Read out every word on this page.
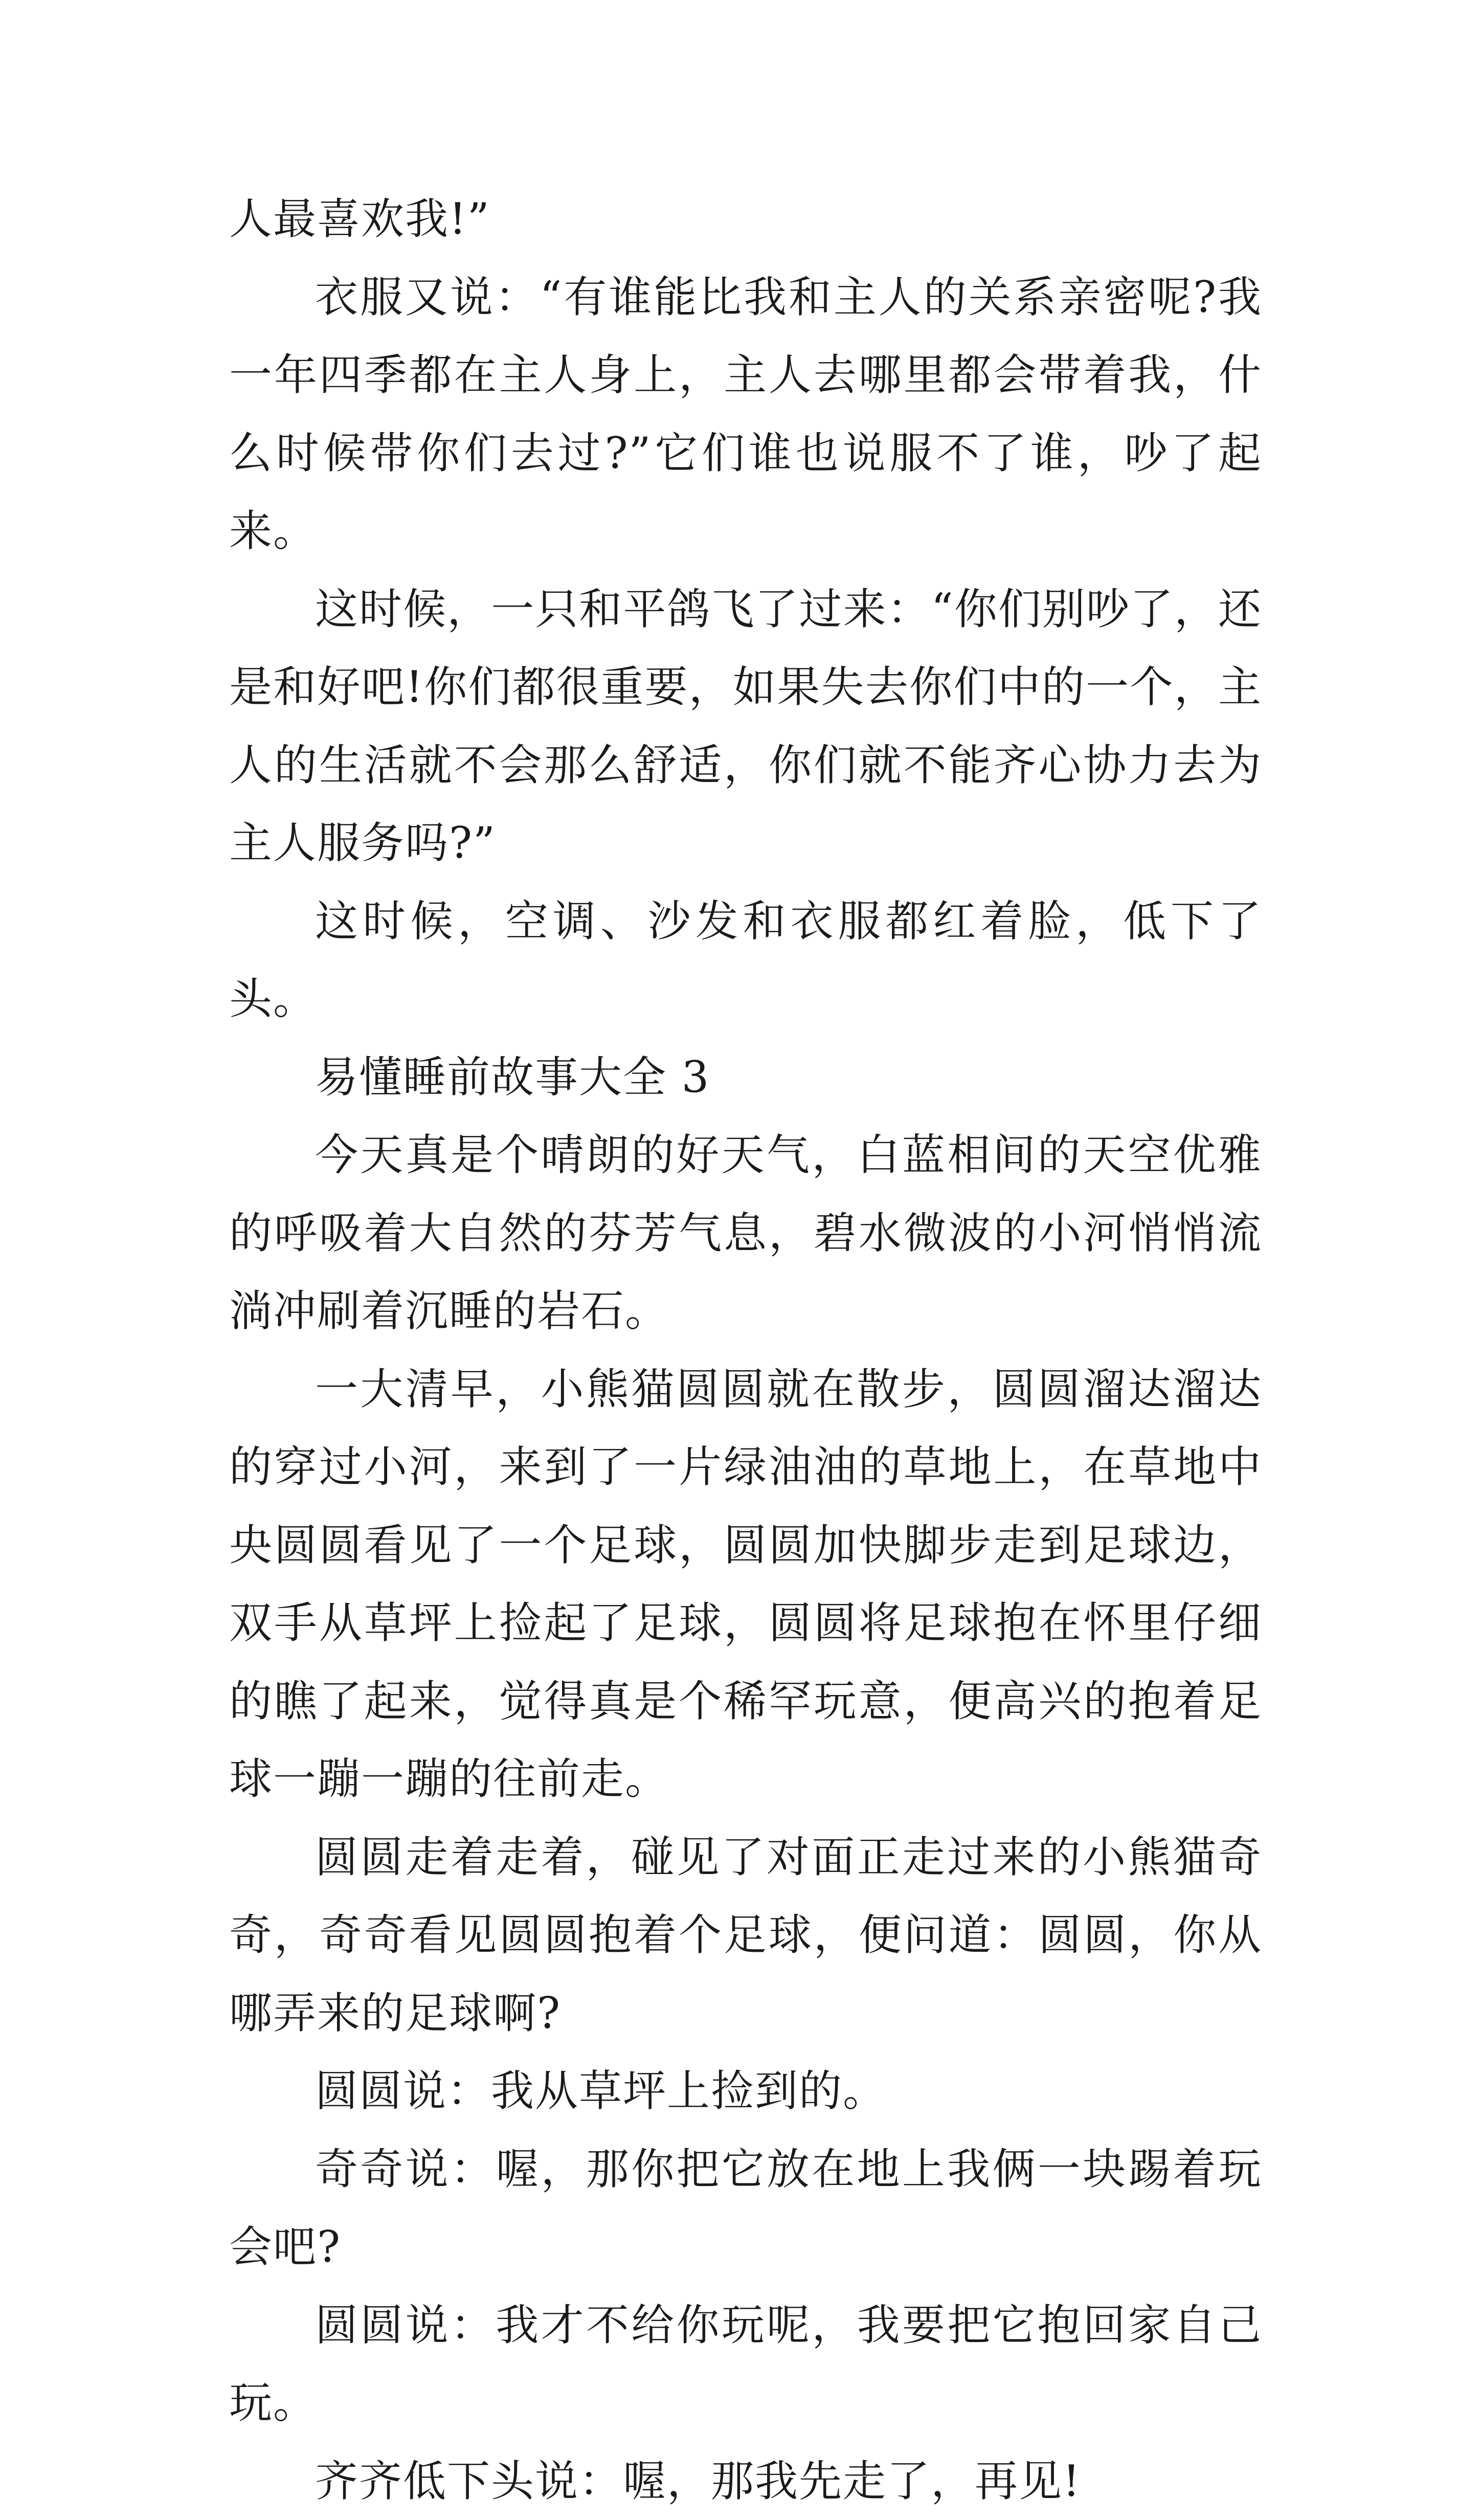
人最喜欢我!”

衣服又说：“有谁能比我和主人的关系亲密呢?我一年四季都在主人身上，主人去哪里都会带着我，什么时候带你们去过?”它们谁也说服不了谁，吵了起来。

这时候，一只和平鸽飞了过来：“你们别吵了，还是和好吧!你们都很重要，如果失去你们中的一个，主人的生活就不会那么舒适，你们就不能齐心协力去为主人服务吗?”

这时候，空调、沙发和衣服都红着脸，低下了头。

易懂睡前故事大全 3

今天真是个晴朗的好天气，白蓝相间的天空优雅的呼吸着大自然的芬芳气息，碧水微波的小河悄悄流淌冲刷着沉睡的岩石。

一大清早，小熊猫圆圆就在散步，圆圆溜达溜达的穿过小河，来到了一片绿油油的草地上，在草地中央圆圆看见了一个足球，圆圆加快脚步走到足球边，双手从草坪上捡起了足球，圆圆将足球抱在怀里仔细的瞧了起来，觉得真是个稀罕玩意，便高兴的抱着足球一蹦一蹦的往前走。

圆圆走着走着，碰见了对面正走过来的小熊猫奇奇，奇奇看见圆圆抱着个足球，便问道：圆圆，你从哪弄来的足球啊?

圆圆说：我从草坪上捡到的。

奇奇说：喔，那你把它放在地上我俩一块踢着玩会吧?

圆圆说：我才不给你玩呢，我要把它抱回家自己玩。

齐齐低下头说：喔，那我先走了，再见!
